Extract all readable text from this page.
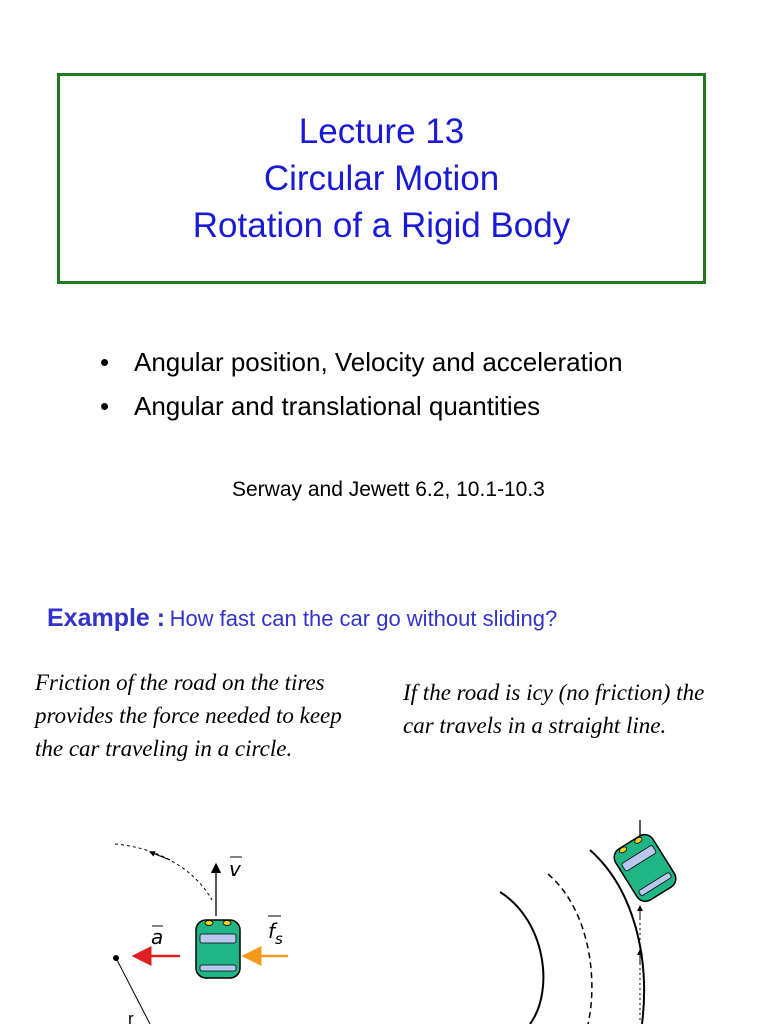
Lecture 13
Circular Motion
Rotation of a Rigid Body
• Angular position, Velocity and acceleration
• Angular and translational quantities
Serway and Jewett 6.2, 10.1-10.3
Example : How fast can the car go without sliding?
Friction of the road on the tires provides the force needed to keep the car traveling in a circle.
If the road is icy (no friction) the car travels in a straight line.
v
a	$f_s$
r
